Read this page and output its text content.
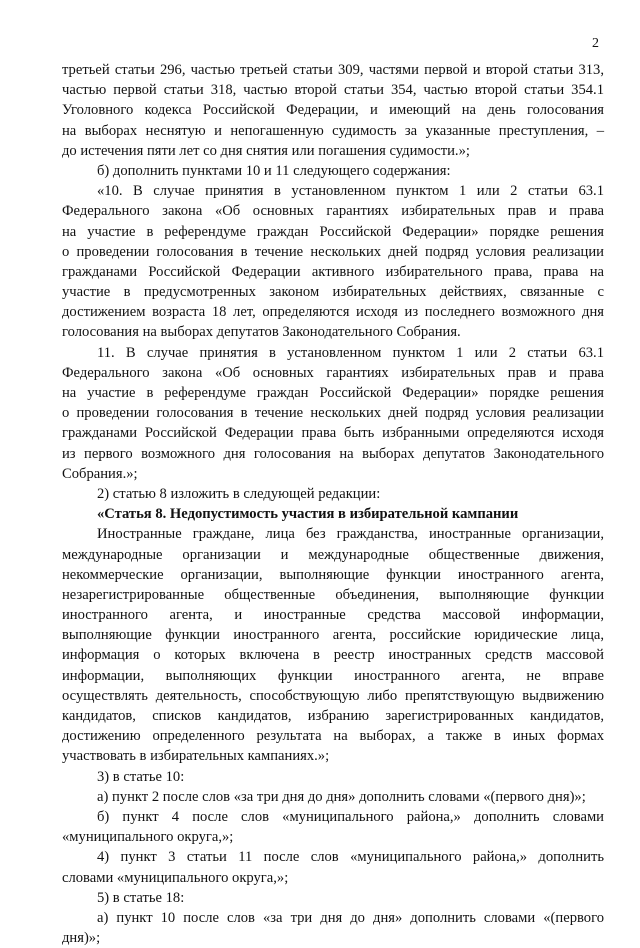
2
третьей статьи 296, частью третьей статьи 309, частями первой и второй статьи 313,
частью первой статьи 318, частью второй статьи 354, частью второй статьи 354.1
Уголовного кодекса Российской Федерации, и имеющий на день голосования
на выборах неснятую и непогашенную судимость за указанные преступления, –
до истечения пяти лет со дня снятия или погашения судимости.»;
б) дополнить пунктами 10 и 11 следующего содержания:
«10. В случае принятия в установленном пунктом 1 или 2 статьи 63.1
Федерального закона «Об основных гарантиях избирательных прав и права
на участие в референдуме граждан Российской Федерации» порядке решения
о проведении голосования в течение нескольких дней подряд условия реализации
гражданами Российской Федерации активного избирательного права, права на
участие в предусмотренных законом избирательных действиях, связанные с
достижением возраста 18 лет, определяются исходя из последнего возможного дня
голосования на выборах депутатов Законодательного Собрания.
11. В случае принятия в установленном пунктом 1 или 2 статьи 63.1
Федерального закона «Об основных гарантиях избирательных прав и права
на участие в референдуме граждан Российской Федерации» порядке решения
о проведении голосования в течение нескольких дней подряд условия реализации
гражданами Российской Федерации права быть избранными определяются исходя
из первого возможного дня голосования на выборах депутатов Законодательного
Собрания.»;
2) статью 8 изложить в следующей редакции:
«Статья 8. Недопустимость участия в избирательной кампании
Иностранные граждане, лица без гражданства, иностранные организации,
международные организации и международные общественные движения,
некоммерческие организации, выполняющие функции иностранного агента,
незарегистрированные общественные объединения, выполняющие функции
иностранного агента, и иностранные средства массовой информации,
выполняющие функции иностранного агента, российские юридические лица,
информация о которых включена в реестр иностранных средств массовой
информации, выполняющих функции иностранного агента, не вправе
осуществлять деятельность, способствующую либо препятствующую выдвижению
кандидатов, списков кандидатов, избранию зарегистрированных кандидатов,
достижению определенного результата на выборах, а также в иных формах
участвовать в избирательных кампаниях.»;
3) в статье 10:
а) пункт 2 после слов «за три дня до дня» дополнить словами «(первого дня)»;
б) пункт 4 после слов «муниципального района,» дополнить словами
«муниципального округа,»;
4) пункт 3 статьи 11 после слов «муниципального района,» дополнить
словами «муниципального округа,»;
5) в статье 18:
а) пункт 10 после слов «за три дня до дня» дополнить словами «(первого
дня)»;
